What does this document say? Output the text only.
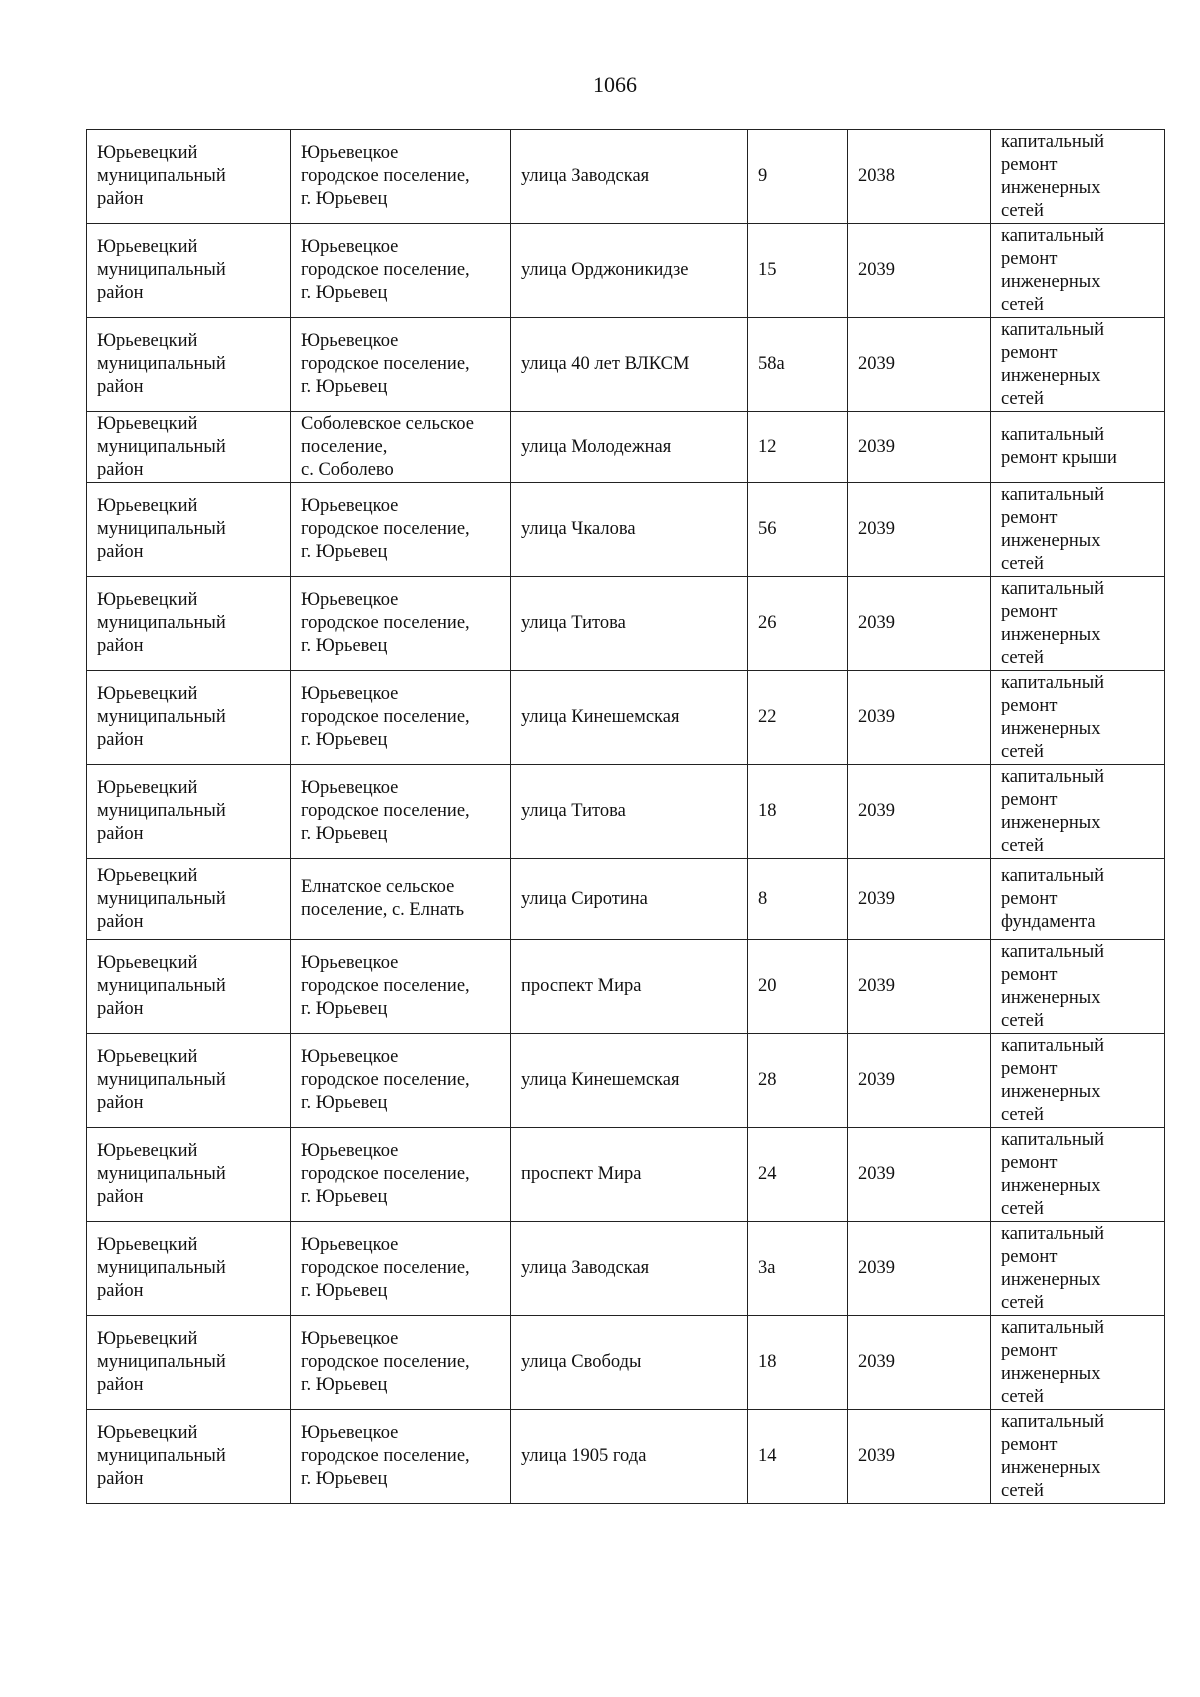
1066
Юрьевецкий
муниципальный
район	Юрьевецкое
городское поселение,
г. Юрьевец	улица Заводская	9	2038	капитальный
ремонт
инженерных
сетей

Юрьевецкий
муниципальный
район	Юрьевецкое
городское поселение,
г. Юрьевец	улица Орджоникидзе	15	2039	капитальный
ремонт
инженерных
сетей

Юрьевецкий
муниципальный
район	Юрьевецкое
городское поселение,
г. Юрьевец	улица 40 лет ВЛКСМ	58а	2039	капитальный
ремонт
инженерных
сетей

Юрьевецкий
муниципальный
район	Соболевское сельское
поселение,
с. Соболево	улица Молодежная	12	2039	капитальный
ремонт крыши

Юрьевецкий
муниципальный
район	Юрьевецкое
городское поселение,
г. Юрьевец	улица Чкалова	56	2039	капитальный
ремонт
инженерных
сетей

Юрьевецкий
муниципальный
район	Юрьевецкое
городское поселение,
г. Юрьевец	улица Титова	26	2039	капитальный
ремонт
инженерных
сетей

Юрьевецкий
муниципальный
район	Юрьевецкое
городское поселение,
г. Юрьевец	улица Кинешемская	22	2039	капитальный
ремонт
инженерных
сетей

Юрьевецкий
муниципальный
район	Юрьевецкое
городское поселение,
г. Юрьевец	улица Титова	18	2039	капитальный
ремонт
инженерных
сетей

Юрьевецкий
муниципальный
район	Елнатское сельское
поселение, с. Елнать	улица Сиротина	8	2039	капитальный
ремонт
фундамента

Юрьевецкий
муниципальный
район	Юрьевецкое
городское поселение,
г. Юрьевец	проспект Мира	20	2039	капитальный
ремонт
инженерных
сетей

Юрьевецкий
муниципальный
район	Юрьевецкое
городское поселение,
г. Юрьевец	улица Кинешемская	28	2039	капитальный
ремонт
инженерных
сетей

Юрьевецкий
муниципальный
район	Юрьевецкое
городское поселение,
г. Юрьевец	проспект Мира	24	2039	капитальный
ремонт
инженерных
сетей

Юрьевецкий
муниципальный
район	Юрьевецкое
городское поселение,
г. Юрьевец	улица Заводская	3а	2039	капитальный
ремонт
инженерных
сетей

Юрьевецкий
муниципальный
район	Юрьевецкое
городское поселение,
г. Юрьевец	улица Свободы	18	2039	капитальный
ремонт
инженерных
сетей

Юрьевецкий
муниципальный
район	Юрьевецкое
городское поселение,
г. Юрьевец	улица 1905 года	14	2039	капитальный
ремонт
инженерных
сетей
